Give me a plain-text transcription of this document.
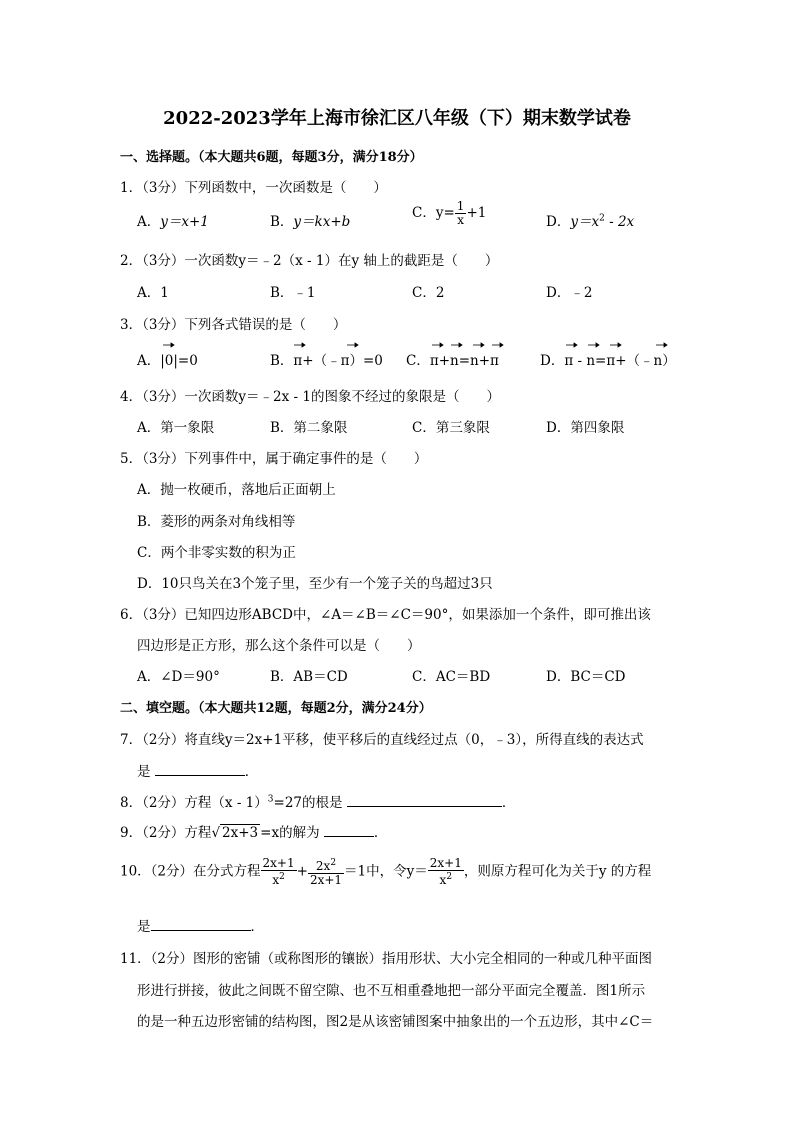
2022-2023学年上海市徐汇区八年级（下）期末数学试卷
一、选择题。（本大题共6题，每题3分，满分18分）
1．（3分）下列函数中，一次函数是（　　）
A．y＝x+1	B．y＝kx+b
C．$y= \frac{1}{x} +1$
D．$y=x^2 - 2x$
2．（3分）一次函数y＝﹣2（x - 1）在y 轴上的截距是（　　）
A．1	B．﹣1	C．2	D．﹣2
3．（3分）下列各式错误的是（　　）
A．|0|=0	B．π+（﹣π）=0 C．π+n=n+π	D．π - n=π+（﹣n）
4．（3分）一次函数y＝﹣2x - 1的图象不经过的象限是（　　）
A．第一象限	B．第二象限	C．第三象限	D．第四象限
5．（3分）下列事件中，属于确定事件的是（　　）
A．抛一枚硬币，落地后正面朝上
B．菱形的两条对角线相等
C．两个非零实数的积为正
D．10只鸟关在3个笼子里，至少有一个笼子关的鸟超过3只
6．（3分）已知四边形ABCD中，∠A＝∠B＝∠C＝90°，如果添加一个条件，即可推出该
四边形是正方形，那么这个条件可以是（　　）
A．∠D＝90°	B．AB＝CD	C．AC＝BD	D．BC＝CD
二、填空题。（本大题共12题，每题2分，满分24分）
7．（2分）将直线y＝2x+1平移，使平移后的直线经过点（0，﹣3），所得直线的表达式
是	．
8．（2分）方程（x - 1）$^3$=27的根是	．
9．（2分）方程√ 2x+3 =x的解为	．
10．（2分）在分式方程 $\frac{2x+1}{x^2} + \frac{2x^2}{2x+1} =1$中，令$y= \frac{2x+1}{x^2}$ ，则原方程可化为关于y 的方程
是	．
11．（2分）图形的密铺（或称图形的镶嵌）指用形状、大小完全相同的一种或几种平面图
形进行拼接，彼此之间既不留空隙、也不互相重叠地把一部分平面完全覆盖．图1所示
的是一种五边形密铺的结构图，图2是从该密铺图案中抽象出的一个五边形，其中∠C＝
